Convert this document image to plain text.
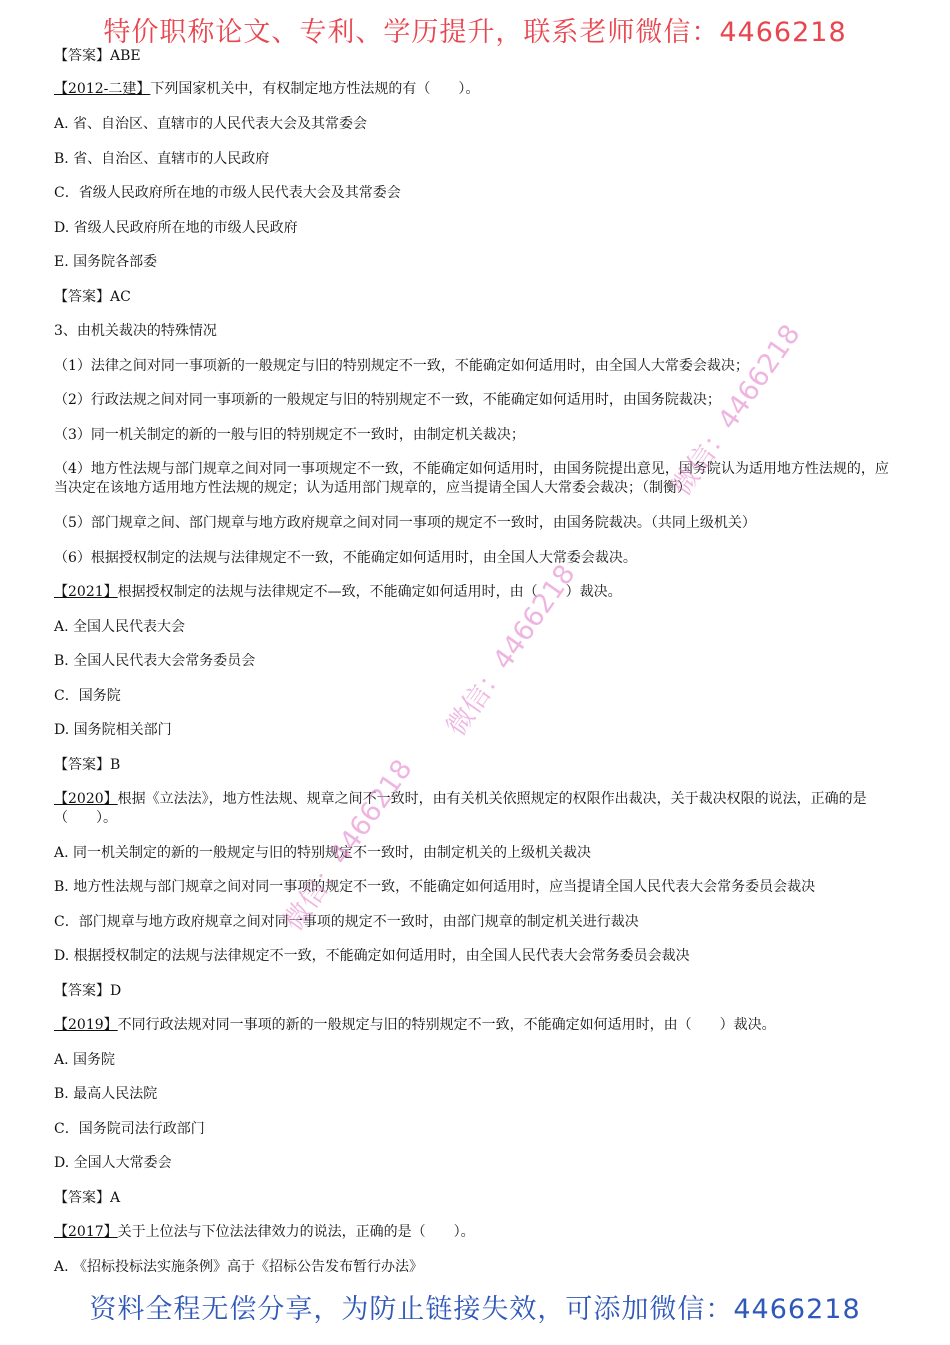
特价职称论文、专利、学历提升，联系老师微信：4466218
【答案】ABE
【2012-二建】下列国家机关中，有权制定地方性法规的有（　　）。
A. 省、自治区、直辖市的人民代表大会及其常委会
B. 省、自治区、直辖市的人民政府
C．省级人民政府所在地的市级人民代表大会及其常委会
D. 省级人民政府所在地的市级人民政府
E. 国务院各部委
【答案】AC
3、由机关裁决的特殊情况
（1）法律之间对同一事项新的一般规定与旧的特别规定不一致，不能确定如何适用时，由全国人大常委会裁决；
（2）行政法规之间对同一事项新的一般规定与旧的特别规定不一致，不能确定如何适用时，由国务院裁决；
（3）同一机关制定的新的一般与旧的特别规定不一致时，由制定机关裁决；
（4）地方性法规与部门规章之间对同一事项规定不一致，不能确定如何适用时，由国务院提出意见，国务院认为适用地方性法规的，应当决定在该地方适用地方性法规的规定；认为适用部门规章的，应当提请全国人大常委会裁决；（制衡）
（5）部门规章之间、部门规章与地方政府规章之间对同一事项的规定不一致时，由国务院裁决。（共同上级机关）
（6）根据授权制定的法规与法律规定不一致，不能确定如何适用时，由全国人大常委会裁决。
【2021】根据授权制定的法规与法律规定不—致，不能确定如何适用时，由（　　）裁决。
A. 全国人民代表大会
B. 全国人民代表大会常务委员会
C．国务院
D. 国务院相关部门
【答案】B
【2020】根据《立法法》，地方性法规、规章之间不一致时，由有关机关依照规定的权限作出裁决，关于裁决权限的说法，正确的是（　　）。
A. 同一机关制定的新的一般规定与旧的特别规定不一致时，由制定机关的上级机关裁决
B. 地方性法规与部门规章之间对同一事项的规定不一致，不能确定如何适用时，应当提请全国人民代表大会常务委员会裁决
C．部门规章与地方政府规章之间对同一事项的规定不一致时，由部门规章的制定机关进行裁决
D. 根据授权制定的法规与法律规定不一致，不能确定如何适用时，由全国人民代表大会常务委员会裁决
【答案】D
【2019】不同行政法规对同一事项的新的一般规定与旧的特别规定不一致，不能确定如何适用时，由（　　）裁决。
A. 国务院
B. 最高人民法院
C．国务院司法行政部门
D. 全国人大常委会
【答案】A
【2017】关于上位法与下位法法律效力的说法，正确的是（　　）。
A. 《招标投标法实施条例》高于《招标公告发布暂行办法》
微信：4466218
微信：4466218
微信：4466218
资料全程无偿分享，为防止链接失效，可添加微信：4466218
